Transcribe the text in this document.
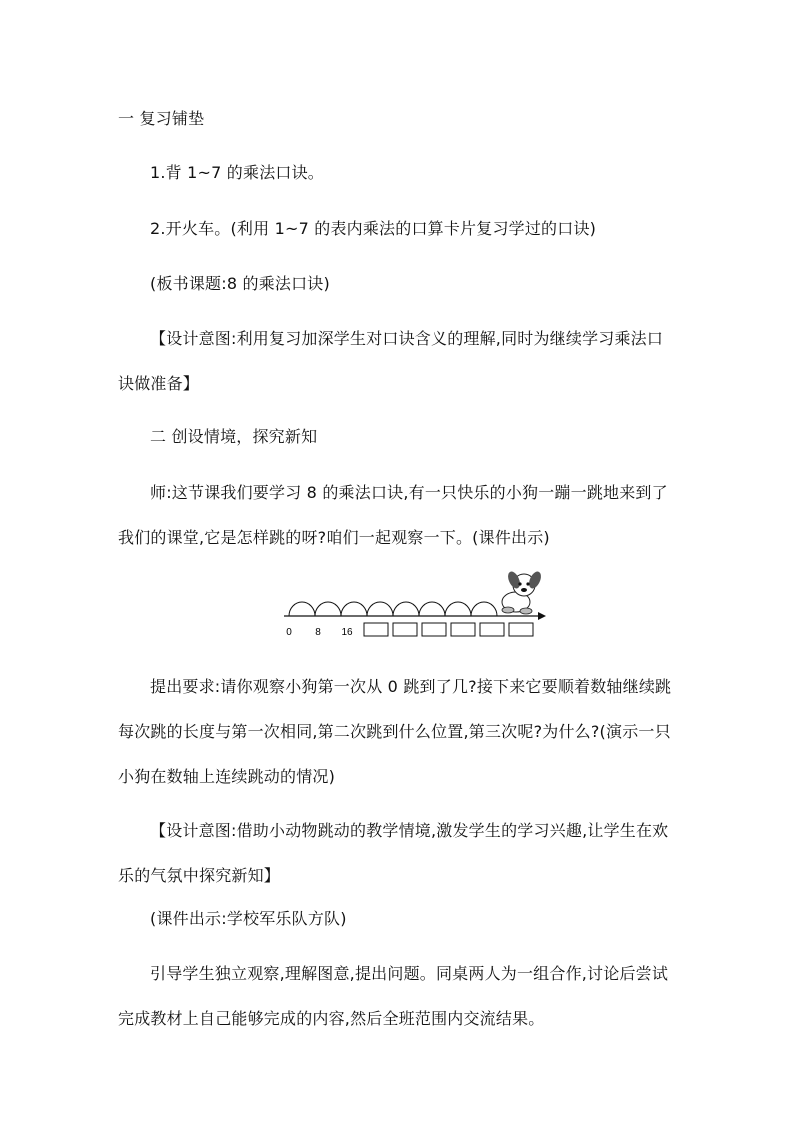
一 复习铺垫

1.背 1~7 的乘法口诀。

2.开火车。(利用 1~7 的表内乘法的口算卡片复习学过的口诀)

(板书课题:8 的乘法口诀)

【设计意图:利用复习加深学生对口诀含义的理解,同时为继续学习乘法口诀做准备】

二 创设情境，探究新知

师:这节课我们要学习 8 的乘法口诀,有一只快乐的小狗一蹦一跳地来到了我们的课堂,它是怎样跳的呀?咱们一起观察一下。(课件出示)

0 8 16

提出要求:请你观察小狗第一次从 0 跳到了几?接下来它要顺着数轴继续跳每次跳的长度与第一次相同,第二次跳到什么位置,第三次呢?为什么?(演示一只小狗在数轴上连续跳动的情况)

【设计意图:借助小动物跳动的教学情境,激发学生的学习兴趣,让学生在欢乐的气氛中探究新知】

(课件出示:学校军乐队方队)

引导学生独立观察,理解图意,提出问题。同桌两人为一组合作,讨论后尝试完成教材上自己能够完成的内容,然后全班范围内交流结果。
